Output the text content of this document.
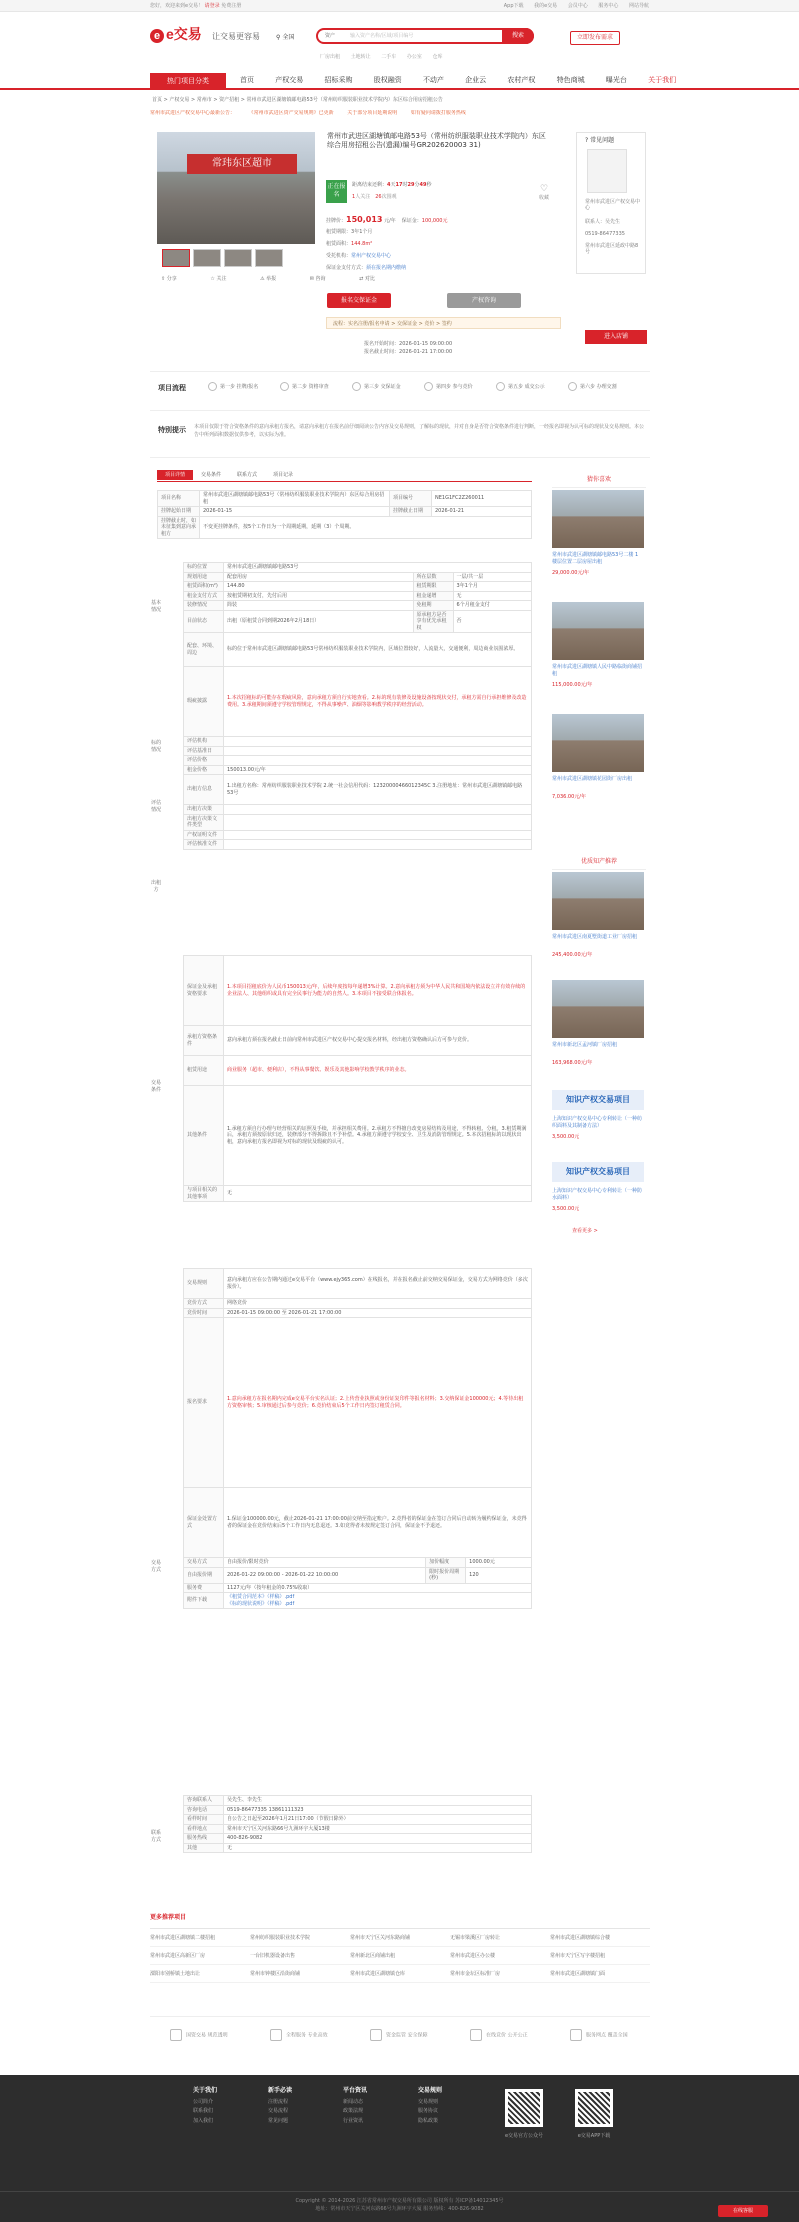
您好，欢迎来到e交易！ 请登录 免费注册	App下载 我的e交易 会员中心 服务中心 网站导航
e e交易	让交易更容易	⚲ 全国	资产	输入资产名称/区域/项目编号	搜索	立即发布需求
厂房出租 土地转让 二手车 办公室 仓库
热门项目分类	首页	产权交易	招标采购	股权融资	不动产	企业云	农村产权	特色商城	曝光台	关于我们
首页 > 产权交易 > 常州市 > 资产招租 > 常州市武进区湖塘镇邮电路53号（常州纺织服装职业技术学院内）东区综合用房招租公告
常州市武进区产权交易中心最新公告：	《常州市武进区资产交易规则》已更新	关于部分项目延期说明	如有疑问请拨打服务热线
常玮东区超市
⇪ 分享	☆ 关注	⚠ 举报	✉ 咨询	⇄ 对比
常州市武进区湖塘镇邮电路53号（常州纺织服装职业技术学院内）东区综合用房招租公告(遗漏)编号GR202620003 31)
♡
收藏
正在报名
距离结束还剩：4天17时29分49秒
1人关注　 26次围观
挂牌价：150,013 元/年 保证金：100,000元
租赁期限：3年1个月
租赁面积：144.8m²
受托机构：常州产权交易中心
保证金支付方式：须在报名期内缴纳
报名交保证金	产权咨询
流程：实名注册/报名申请 > 交保证金 > 竞价 > 签约
报名开始时间：2026-01-15 09:00:00
报名截止时间：2026-01-21 17:00:00
? 常见问题
常州市武进区产权交易中心
联系人：吴先生
0519-86477335
常州市武进区延政中路8号
进入店铺
项目流程	第一步 挂牌/报名	第二步 资格审查	第三步 交保证金	第四步 参与竞价	第五步 成交公示	第六步 办理交割
特别提示 本项目仅限于符合资格条件的意向承租方报名，请意向承租方在报名前仔细阅读公告内容及交易规则，了解标的现状，并对自身是否符合资格条件进行判断，一经报名即视为认可标的现状及交易规则。本公告中所列面积数据仅供参考，以实际为准。
项目详情	交易条件	联系方式	项目记录
项目名称	常州市武进区湖塘镇邮电路53号（常州纺织服装职业技术学院内）东区综合用房招租	项目编号	NE1G1FC2Z260011
挂牌起始日期	2026-01-15	挂牌截止日期	2026-01-21
挂牌截止时，如未征集到意向承租方	不变更挂牌条件，按5个工作日为一个周期延期，延期（3）个周期。		
基本情况
标的情况
评估情况
出租方
标的位置	常州市武进区湖塘镇邮电路53号		
规划用途	配套用房	所在层数	一层/共一层
租赁面积(m²)	144.80	租赁期限	3年1个月
租金支付方式	按租赁期初支付，先付后用	租金递增	无
装修情况	简装	免租期	6个月租金支付
目前状态	出租（原租赁合同到期2026年2月18日）	原承租方是否享有优先承租权	否
配套、环境、周边	标的位于常州市武进区湖塘镇邮电路53号常州纺织服装职业技术学院内，区域位置较好，人流量大，交通便利，周边商业氛围浓厚。		
瑕疵披露	1.本次招租标的可能存在瑕疵风险，意向承租方须自行实地查看。2.标的现有装修及设施设备按现状交付，承租方需自行承担维修及改造费用。3.承租期间须遵守学校管理规定，不得从事噪声、油烟等影响教学秩序的经营活动。		
评估机构			
评估基准日			
评估价格			
租金价格	150013.00元/年		
出租方信息	1.出租方名称：常州纺织服装职业技术学院 2.统一社会信用代码：12320000466012345C 3.注册地址：常州市武进区湖塘镇邮电路53号		
出租方决策			
出租方决策文件类型			
产权证明文件			
评估核准文件			
交易条件
保证金及承租资格要求	1.本项目招租底价为人民币150013元/年，后续年度按每年递增3%计算。2.意向承租方须为中华人民共和国境内依法设立并有效存续的企业法人、其他组织或具有完全民事行为能力的自然人。3.本项目不接受联合体报名。
承租方资格条件	意向承租方须在报名截止日前向常州市武进区产权交易中心提交报名材料，经出租方资格确认后方可参与竞价。
租赁用途	商业服务（超市、便利店），不得从事餐饮、娱乐及其他影响学校教学秩序的业态。
其他条件	1.承租方须自行办理与经营相关的证照及手续，并承担相关费用。2.承租方不得擅自改变房屋结构及用途，不得转租、分租。3.租赁期满后，承租方须按原状归还，装修部分不得拆除且不予补偿。4.承租方须遵守学校安全、卫生及消防管理规定。5.本次招租标的以现状出租，意向承租方报名即视为对标的现状及瑕疵的认可。
与项目相关的其他事项	无
交易方式
交易规则	意向承租方应在公告期内通过e交易平台（www.ejy365.com）在线报名，并在报名截止前交纳交易保证金，交易方式为网络竞价（多次报价）。		
竞价方式	网络竞价		
竞价时间	2026-01-15 09:00:00 至 2026-01-21 17:00:00		
报名要求	1.意向承租方在报名期内完成e交易平台实名认证；2.上传营业执照或身份证复印件等报名材料；3.交纳保证金100000元；4.等待出租方资格审核；5.审核通过后参与竞价；6.竞价结束后5个工作日内签订租赁合同。		
保证金处置方式	1.保证金100000.00元，截止2026-01-21 17:00:00前交纳至指定账户。2.竞得者的保证金在签订合同后自动转为履约保证金，未竞得者的保证金在竞价结束后5个工作日内无息退还。3.如竞得者未按规定签订合同，保证金不予退还。		
交易方式	自由报价/限时竞价	加价幅度	1000.00元
自由报价期	2026-01-22 09:00:00 - 2026-01-22 10:00:00	限时报价周期(秒)	120
服务费	1127元/年（按年租金的0.75%收取）		
附件下载	《租赁合同范本》（样稿）.pdf
《标的现状说明》（样稿）.pdf		
联系方式
咨询联系人	吴先生、李先生
咨询电话	0519-86477335 13861111323
看样时间	自公告之日起至2026年1月21日17:00（节假日除外）
看样地点	常州市天宁区关河东路66号九洲环宇大厦13楼
服务热线	400-826-9082
其他	无
猜你喜欢
常州市武进区湖塘镇邮电路53号二楼 1 楼层位置二层房屋出租
29,000.00元/年
常州市武进区湖塘镇人民中路临街商铺招租
115,000.00元/年
常州市武进区湖塘镇花园街厂房出租
7,036.00元/年
优质知产推荐
常州市武进区南夏墅街道工业厂房招租
245,400.00元/年
常州市新北区孟河镇厂房招租
163,968.00元/年
知识产权交易项目
上海知识产权交易中心专利转让（一种纺织面料及其制备方法）
3,500.00元
知识产权交易项目
上海知识产权交易中心专利转让（一种防水面料）
3,500.00元
查看更多 >
更多推荐项目
常州市武进区湖塘镇二楼招租	常州纺织服装职业技术学院	常州市天宁区关河东路商铺	无锡市梁溪区厂房转让	常州市武进区湖塘镇综合楼
常州市武进区高新区厂房	一台旧机器设备出售	常州新北区商铺出租	常州市武进区办公楼	常州市天宁区写字楼招租
溧阳市别桥镇土地出让	常州市钟楼区沿街商铺	常州市武进区湖塘镇仓库	常州市金坛区标准厂房	常州市武进区湖塘镇门面
国资交易 规范透明	全程服务 专业高效	资金监管 安全保障	在线竞价 公开公正	服务网点 覆盖全国
关于我们
公司简介
联系我们
加入我们
新手必读
注册流程
交易流程
常见问题
平台资讯
新闻动态
政策法规
行业资讯
交易规则
交易规则
服务协议
隐私政策
e交易官方公众号	e交易APP下载
Copyright © 2014-2026 江苏省常州市产权交易所有限公司 版权所有 苏ICP备14012345号
地址：常州市天宁区关河东路66号九洲环宇大厦 服务热线：400-826-9082	在线客服
